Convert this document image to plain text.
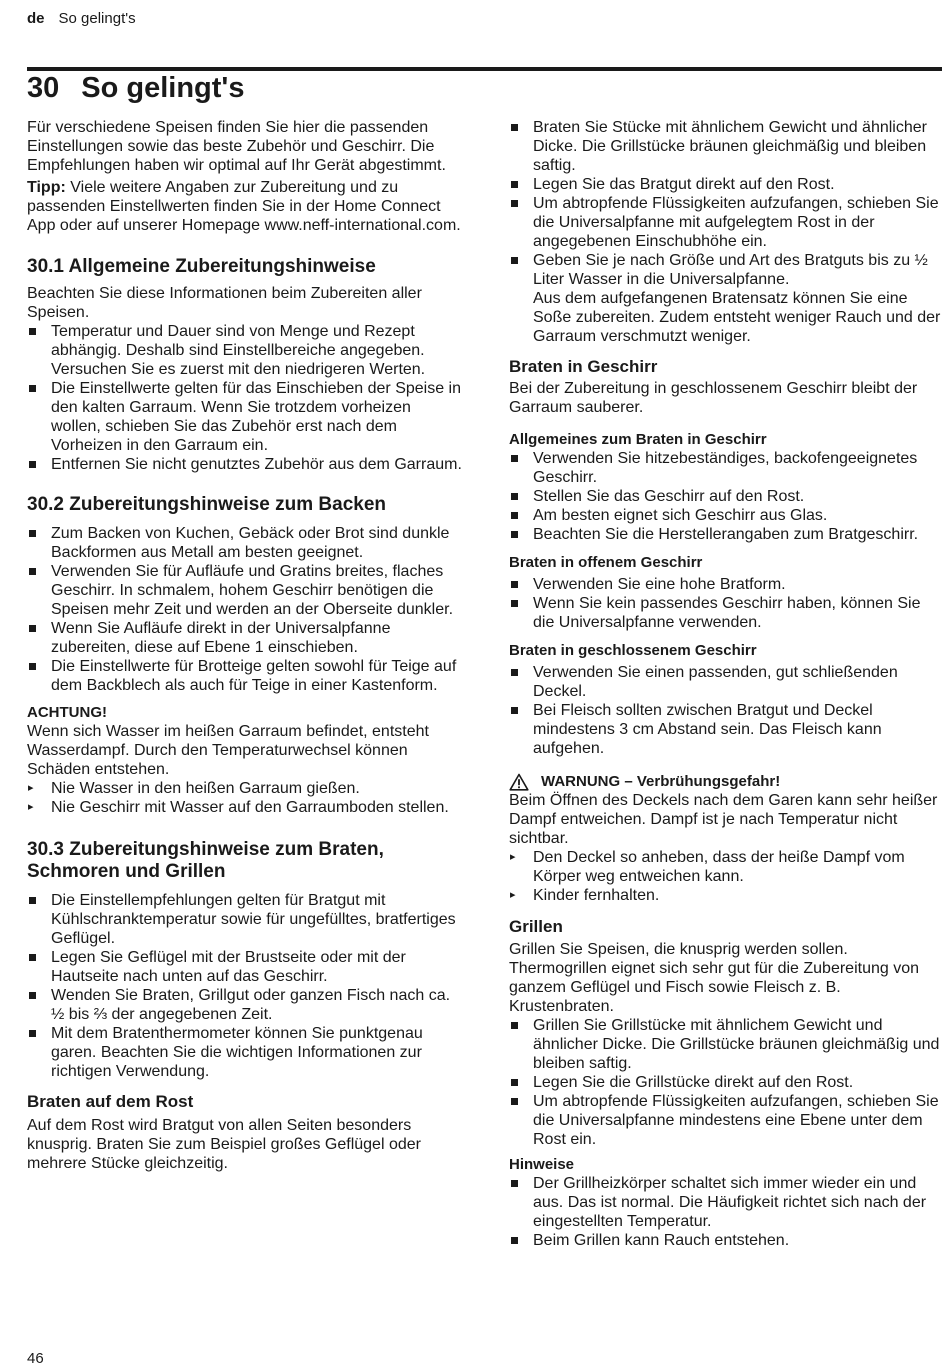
de So gelingt's
30 So gelingt's

Für verschiedene Speisen finden Sie hier die passenden Einstellungen sowie das beste Zubehör und Geschirr. Die Empfehlungen haben wir optimal auf Ihr Gerät abgestimmt.

Tipp: Viele weitere Angaben zur Zubereitung und zu passenden Einstellwerten finden Sie in der Home Connect App oder auf unserer Homepage www.neff-international.com.

30.1 Allgemeine Zubereitungshinweise

Beachten Sie diese Informationen beim Zubereiten aller Speisen.

Temperatur und Dauer sind von Menge und Rezept abhängig. Deshalb sind Einstellbereiche angegeben. Versuchen Sie es zuerst mit den niedrigeren Werten.
Die Einstellwerte gelten für das Einschieben der Speise in den kalten Garraum. Wenn Sie trotzdem vorheizen wollen, schieben Sie das Zubehör erst nach dem Vorheizen in den Garraum ein.
Entfernen Sie nicht genutztes Zubehör aus dem Garraum.
30.2 Zubereitungshinweise zum Backen
Zum Backen von Kuchen, Gebäck oder Brot sind dunkle Backformen aus Metall am besten geeignet.
Verwenden Sie für Aufläufe und Gratins breites, flaches Geschirr. In schmalem, hohem Geschirr benötigen die Speisen mehr Zeit und werden an der Oberseite dunkler.
Wenn Sie Aufläufe direkt in der Universalpfanne zubereiten, diese auf Ebene 1 einschieben.
Die Einstellwerte für Brotteige gelten sowohl für Teige auf dem Backblech als auch für Teige in einer Kastenform.
ACHTUNG!

Wenn sich Wasser im heißen Garraum befindet, entsteht Wasserdampf. Durch den Temperaturwechsel können Schäden entstehen.

▸ Nie Wasser in den heißen Garraum gießen.
▸ Nie Geschirr mit Wasser auf den Garraumboden stellen.
30.3 Zubereitungshinweise zum Braten, Schmoren und Grillen
Die Einstellempfehlungen gelten für Bratgut mit Kühlschranktemperatur sowie für ungefülltes, bratfertiges Geflügel.
Legen Sie Geflügel mit der Brustseite oder mit der Hautseite nach unten auf das Geschirr.
Wenden Sie Braten, Grillgut oder ganzen Fisch nach ca. ½ bis ⅔ der angegebenen Zeit.
Mit dem Bratenthermometer können Sie punktgenau garen. Beachten Sie die wichtigen Informationen zur richtigen Verwendung.
Braten auf dem Rost

Auf dem Rost wird Bratgut von allen Seiten besonders knusprig. Braten Sie zum Beispiel großes Geflügel oder mehrere Stücke gleichzeitig.

Braten Sie Stücke mit ähnlichem Gewicht und ähnlicher Dicke. Die Grillstücke bräunen gleichmäßig und bleiben saftig.
Legen Sie das Bratgut direkt auf den Rost.
Um abtropfende Flüssigkeiten aufzufangen, schieben Sie die Universalpfanne mit aufgelegtem Rost in der angegebenen Einschubhöhe ein.
Geben Sie je nach Größe und Art des Bratguts bis zu ½ Liter Wasser in die Universalpfanne.
Aus dem aufgefangenen Bratensatz können Sie eine Soße zubereiten. Zudem entsteht weniger Rauch und der Garraum verschmutzt weniger.
Braten in Geschirr

Bei der Zubereitung in geschlossenem Geschirr bleibt der Garraum sauberer.

Allgemeines zum Braten in Geschirr
Verwenden Sie hitzebeständiges, backofengeeignetes Geschirr.
Stellen Sie das Geschirr auf den Rost.
Am besten eignet sich Geschirr aus Glas.
Beachten Sie die Herstellerangaben zum Bratgeschirr.
Braten in offenem Geschirr
Verwenden Sie eine hohe Bratform.
Wenn Sie kein passendes Geschirr haben, können Sie die Universalpfanne verwenden.
Braten in geschlossenem Geschirr
Verwenden Sie einen passenden, gut schließenden Deckel.
Bei Fleisch sollten zwischen Bratgut und Deckel mindestens 3 cm Abstand sein. Das Fleisch kann aufgehen.
WARNUNG – Verbrühungsgefahr!

Beim Öffnen des Deckels nach dem Garen kann sehr heißer Dampf entweichen. Dampf ist je nach Temperatur nicht sichtbar.

▸ Den Deckel so anheben, dass der heiße Dampf vom Körper weg entweichen kann.
▸ Kinder fernhalten.
Grillen

Grillen Sie Speisen, die knusprig werden sollen. Thermogrillen eignet sich sehr gut für die Zubereitung von ganzem Geflügel und Fisch sowie Fleisch z. B. Krustenbraten.

Grillen Sie Grillstücke mit ähnlichem Gewicht und ähnlicher Dicke. Die Grillstücke bräunen gleichmäßig und bleiben saftig.
Legen Sie die Grillstücke direkt auf den Rost.
Um abtropfende Flüssigkeiten aufzufangen, schieben Sie die Universalpfanne mindestens eine Ebene unter dem Rost ein.
Hinweise
Der Grillheizkörper schaltet sich immer wieder ein und aus. Das ist normal. Die Häufigkeit richtet sich nach der eingestellten Temperatur.
Beim Grillen kann Rauch entstehen.
46
